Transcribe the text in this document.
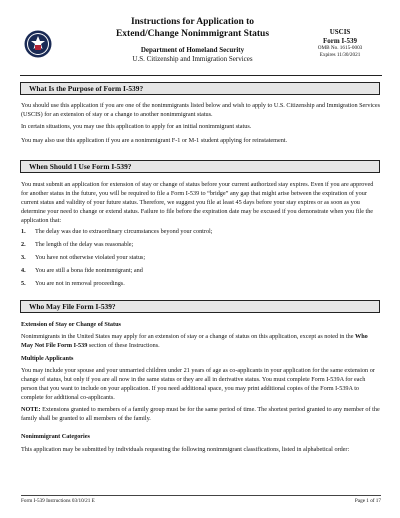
Instructions for Application to
Extend/Change Nonimmigrant Status
Department of Homeland Security
U.S. Citizenship and Immigration Services
USCIS
Form I-539
OMB No. 1615-0003
Expires 11/30/2021
What Is the Purpose of Form I-539?

You should use this application if you are one of the nonimmigrants listed below and wish to apply to U.S. Citizenship and Immigration Services (USCIS) for an extension of stay or a change to another nonimmigrant status.

In certain situations, you may use this application to apply for an initial nonimmigrant status.

You may also use this application if you are a nonimmigrant F-1 or M-1 student applying for reinstatement.

When Should I Use Form I-539?

You must submit an application for extension of stay or change of status before your current authorized stay expires. Even if you are approved for another status in the future, you will be required to file a Form I-539 to “bridge” any gap that might arise between the expiration of your current status and validity of your future status. Therefore, we suggest you file at least 45 days before your stay expires or as soon as you determine your need to change or extend status. Failure to file before the expiration date may be excused if you demonstrate when you file the application that:

1.	The delay was due to extraordinary circumstances beyond your control;
2.	The length of the delay was reasonable;
3.	You have not otherwise violated your status;
4.	You are still a bona fide nonimmigrant; and
5.	You are not in removal proceedings.
Who May File Form I-539?

Extension of Stay or Change of Status

Nonimmigrants in the United States may apply for an extension of stay or a change of status on this application, except as noted in the Who May Not File Form I-539 section of these Instructions.

Multiple Applicants

You may include your spouse and your unmarried children under 21 years of age as co-applicants in your application for the same extension or change of status, but only if you are all now in the same status or they are all in derivative status. You must complete Form I-539A for each person that you want to include on your application. If you need additional space, you may print additional copies of the Form I-539A to complete for additional co-applicants.

NOTE: Extensions granted to members of a family group must be for the same period of time. The shortest period granted to any member of the family shall be granted to all members of the family.

Nonimmigrant Categories

This application may be submitted by individuals requesting the following nonimmigrant classifications, listed in alphabetical order:

Form I-539 Instructions 03/10/21 E	Page 1 of 17
